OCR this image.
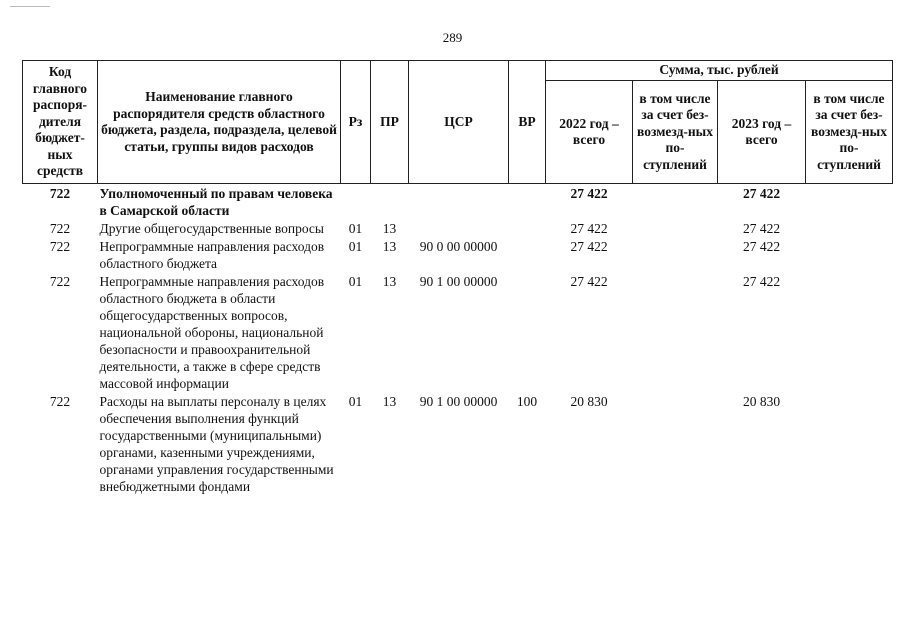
289
Код главного распоря-дителя бюджет-ных средств	Наименование главного распорядителя средств областного бюджета, раздела, подраздела, целевой статьи, группы видов расходов	Рз	ПР	ЦСР	ВР	Сумма, тыс. рублей			
						2022 год – всего	в том числе за счет без-возмезд-ных по-ступлений	2023 год – всего	в том числе за счет без-возмезд-ных по-ступлений
722	Уполномоченный по правам человека в Самарской области					27 422		27 422	
722	Другие общегосударственные вопросы	01	13			27 422		27 422	
722	Непрограммные направления расходов областного бюджета	01	13	90 0 00 00000		27 422		27 422	
722	Непрограммные направления расходов областного бюджета в области общегосударственных вопросов, национальной обороны, национальной безопасности и правоохранительной деятельности, а также в сфере средств массовой информации	01	13	90 1 00 00000		27 422		27 422	
722	Расходы на выплаты персоналу в целях обеспечения выполнения функций государственными (муниципальными) органами, казенными учреждениями, органами управления государственными внебюджетными фондами	01	13	90 1 00 00000	100	20 830		20 830	
